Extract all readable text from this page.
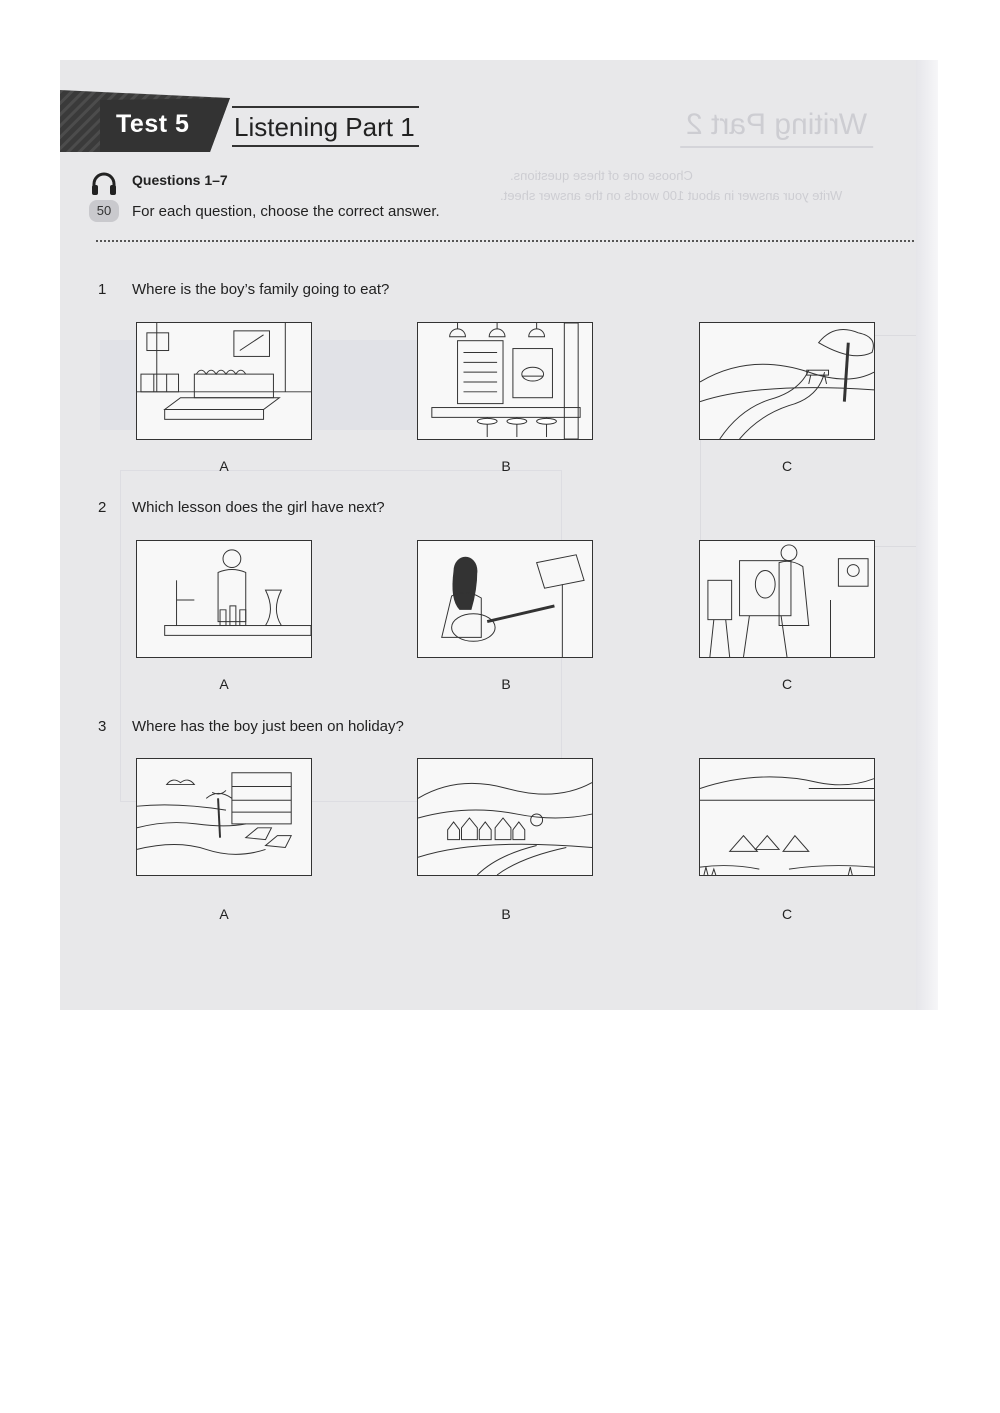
Writing Part 2
Choose one of these questions.
Write your answer in about 100 words on the answer sheet.
Test 5 Listening Part 1
50
Questions 1–7
For each question, choose the correct answer.
1 Where is the boy’s family going to eat?
A	B	C
2 Which lesson does the girl have next?
A	B	C
3 Where has the boy just been on holiday?
A	B	C
